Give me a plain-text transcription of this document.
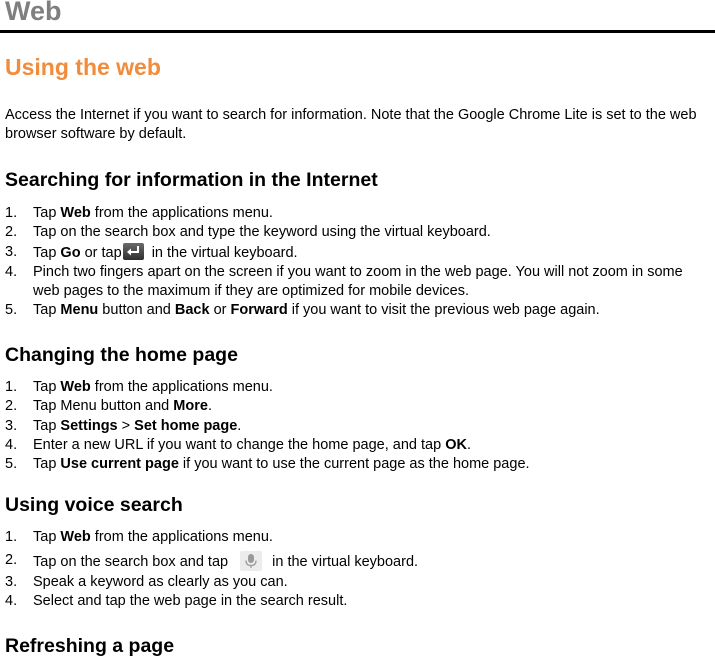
Web
Using the web
Access the Internet if you want to search for information. Note that the Google Chrome Lite is set to the web browser software by default.
Searching for information in the Internet
1. Tap Web from the applications menu.
2. Tap on the search box and type the keyword using the virtual keyboard.
3. Tap Go or tap
in the virtual keyboard.
4. Pinch two fingers apart on the screen if you want to zoom in the web page. You will not zoom in some web pages to the maximum if they are optimized for mobile devices.
5. Tap Menu button and Back or Forward if you want to visit the previous web page again.
Changing the home page
1. Tap Web from the applications menu.
2. Tap Menu button and More.
3. Tap Settings > Set home page.
4. Enter a new URL if you want to change the home page, and tap OK.
5. Tap Use current page if you want to use the current page as the home page.
Using voice search
1. Tap Web from the applications menu.
2. Tap on the search box and tap  in the virtual keyboard.
3. Speak a keyword as clearly as you can.
4. Select and tap the web page in the search result.
Refreshing a page
